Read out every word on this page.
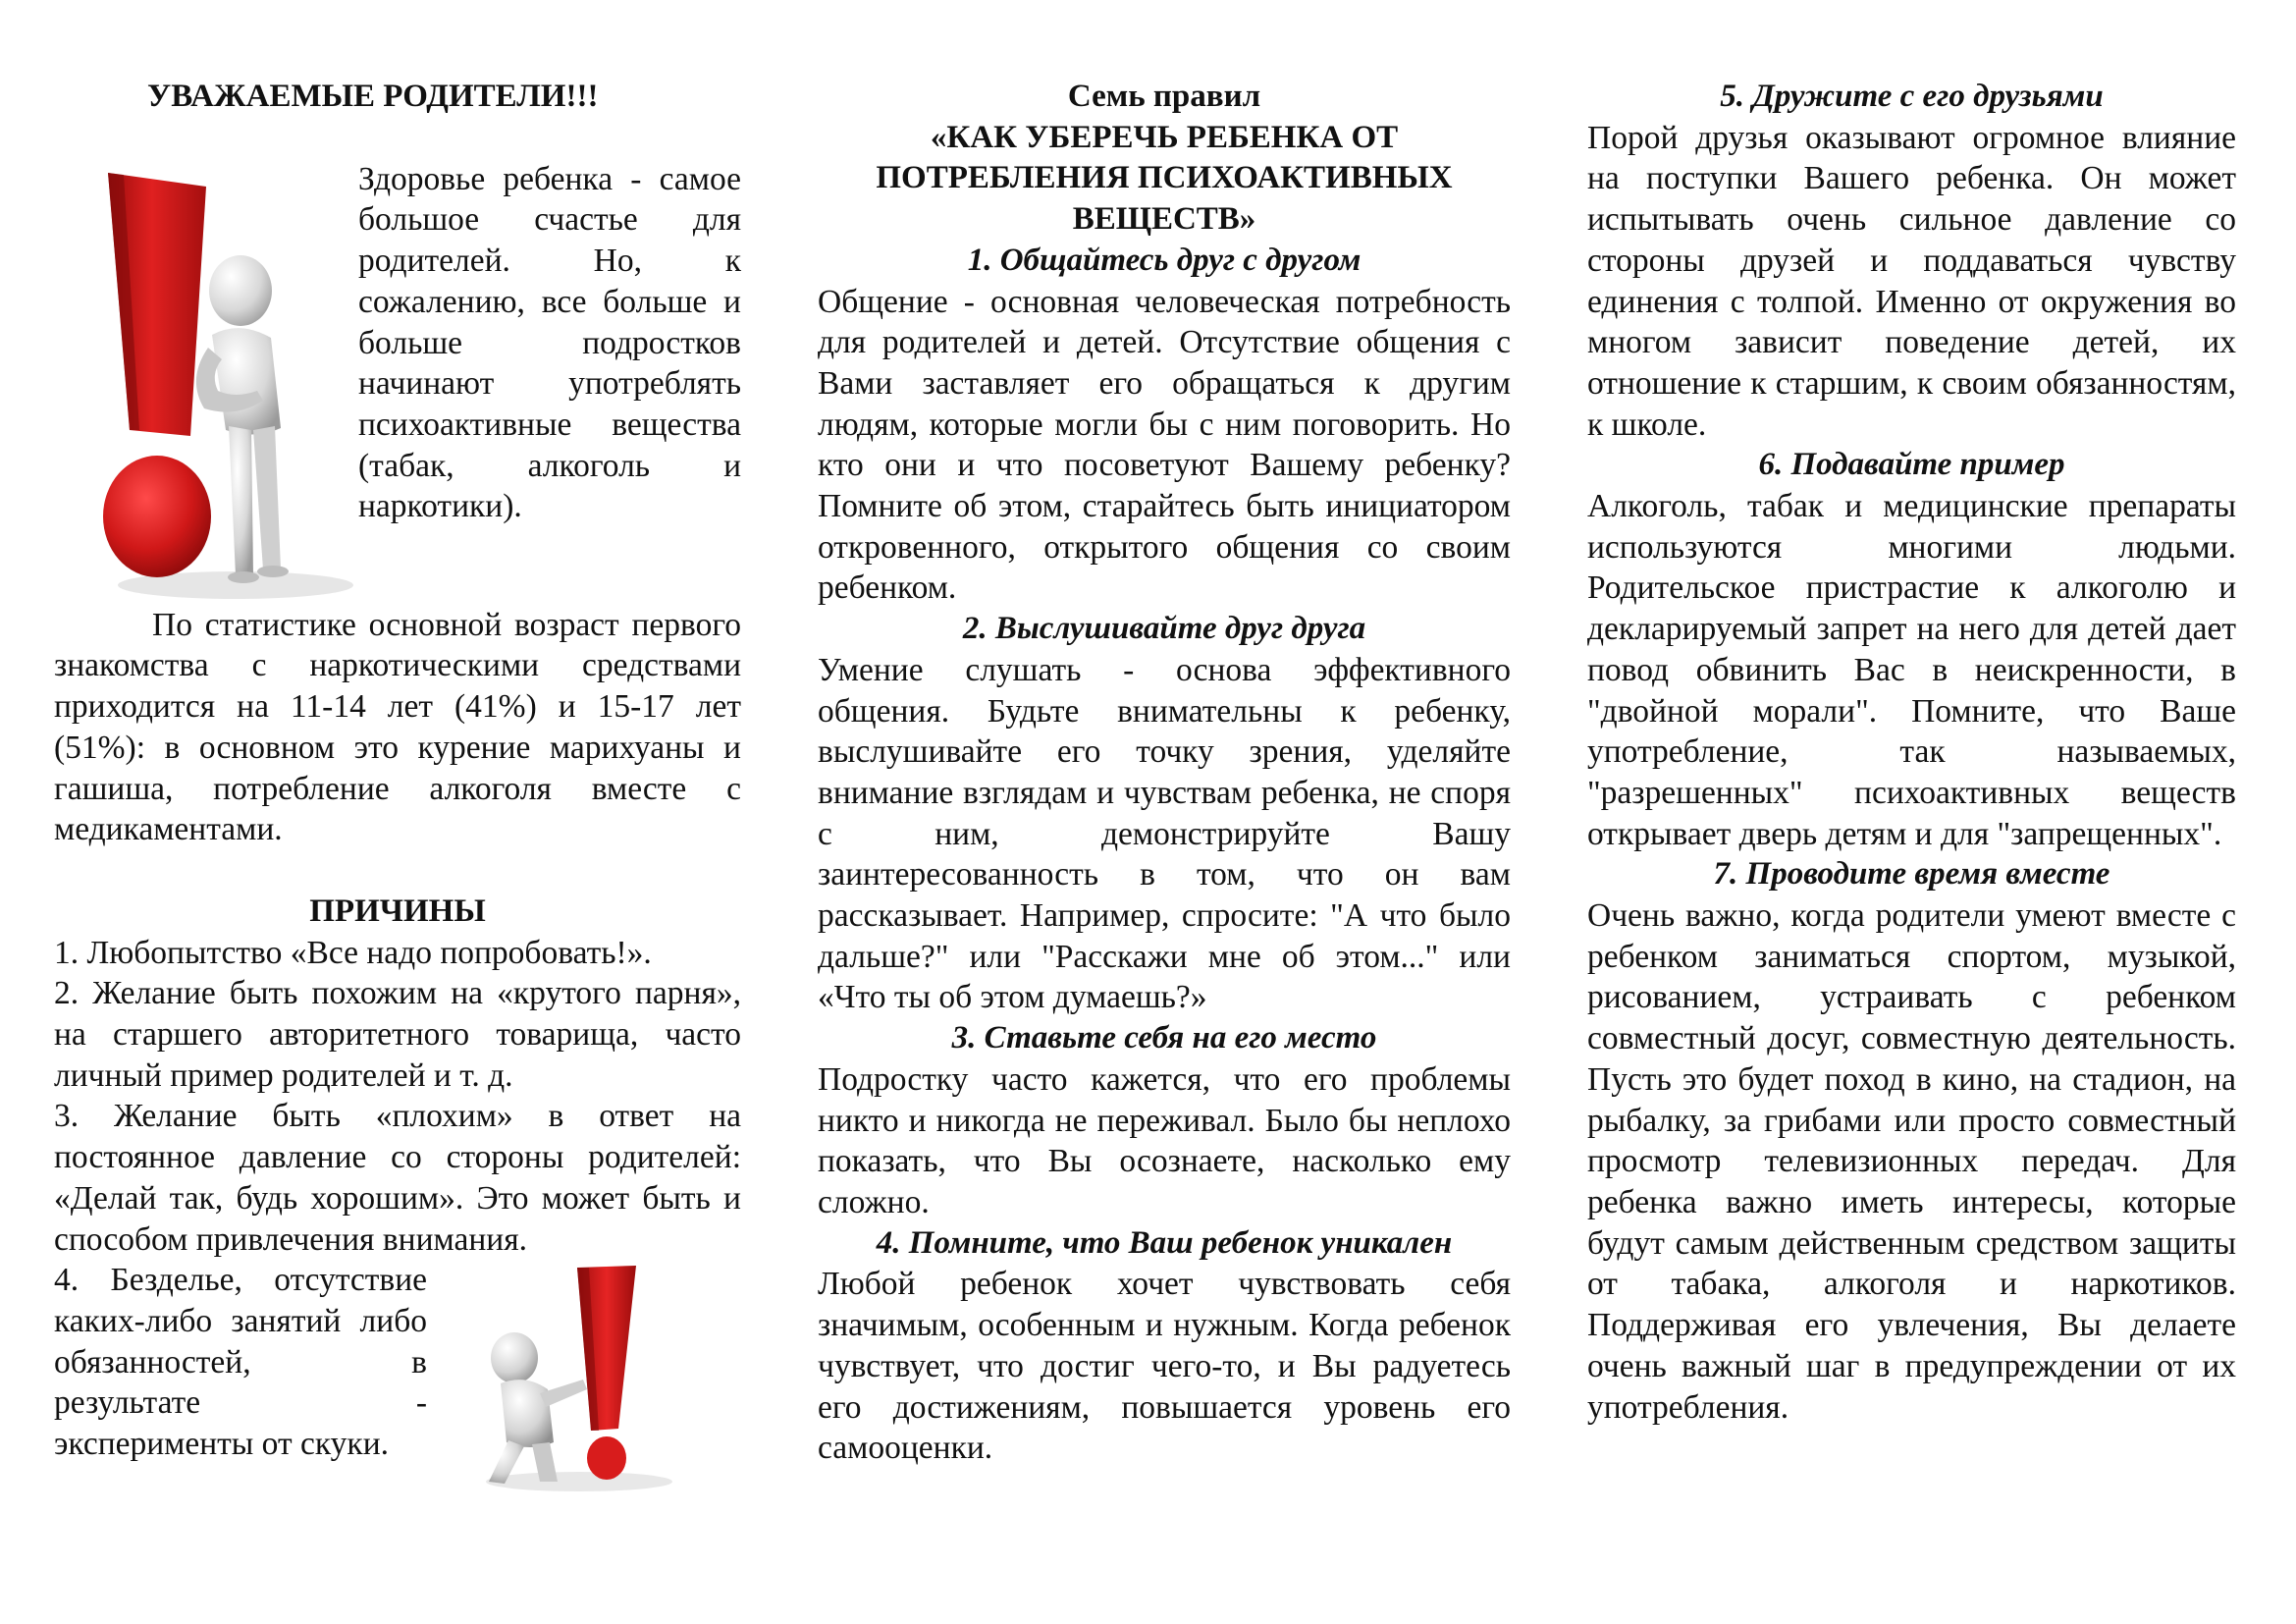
УВАЖАЕМЫЕ РОДИТЕЛИ!!!

Здоровье ребенка - самое большое счастье для родителей. Но, к сожалению, все больше и больше подростков начинают употреблять психоактивные вещества (табак, алкоголь и наркотики).

По статистике основной возраст первого знакомства с наркотическими средствами приходится на 11-14 лет (41%) и 15-17 лет (51%): в основном это курение марихуаны и гашиша, потребление алкоголя вместе с медикаментами.

ПРИЧИНЫ

1. Любопытство «Все надо попробовать!».

2. Желание быть похожим на «крутого парня», на старшего авторитетного товарища, часто личный пример родителей и т. д.

3. Желание быть «плохим» в ответ на постоянное давление со стороны родителей: «Делай так, будь хорошим». Это может быть и способом привлечения внимания.

4. Безделье, отсутствие каких-либо занятий либо обязанностей, в результате - эксперименты от скуки.

Семь правил

«КАК УБЕРЕЧЬ РЕБЕНКА ОТ ПОТРЕБЛЕНИЯ ПСИХОАКТИВНЫХ ВЕЩЕСТВ»

1. Общайтесь друг с другом

Общение - основная человеческая потребность для родителей и детей. Отсутствие общения с Вами заставляет его обращаться к другим людям, которые могли бы с ним поговорить. Но кто они и что посоветуют Вашему ребенку? Помните об этом, старайтесь быть инициатором откровенного, открытого общения со своим ребенком.

2. Выслушивайте друг друга

Умение слушать - основа эффективного общения. Будьте внимательны к ребенку, выслушивайте его точку зрения, уделяйте внимание взглядам и чувствам ребенка, не споря с ним, демонстрируйте Вашу заинтересованность в том, что он вам рассказывает. Например, спросите: "А что было дальше?" или "Расскажи мне об этом..." или «Что ты об этом думаешь?»

3. Ставьте себя на его место

Подростку часто кажется, что его проблемы никто и никогда не переживал. Было бы неплохо показать, что Вы осознаете, насколько ему сложно.

4. Помните, что Ваш ребенок уникален

Любой ребенок хочет чувствовать себя значимым, особенным и нужным. Когда ребенок чувствует, что достиг чего-то, и Вы радуетесь его достижениям, повышается уровень его самооценки.

5. Дружите с его друзьями

Порой друзья оказывают огромное влияние на поступки Вашего ребенка. Он может испытывать очень сильное давление со стороны друзей и поддаваться чувству единения с толпой. Именно от окружения во многом зависит поведение детей, их отношение к старшим, к своим обязанностям, к школе.

6. Подавайте пример

Алкоголь, табак и медицинские препараты используются многими людьми. Родительское пристрастие к алкоголю и декларируемый запрет на него для детей дает повод обвинить Вас в неискренности, в "двойной морали". Помните, что Ваше употребление, так называемых, "разрешенных" психоактивных веществ открывает дверь детям и для "запрещенных".

7. Проводите время вместе

Очень важно, когда родители умеют вместе с ребенком заниматься спортом, музыкой, рисованием, устраивать с ребенком совместный досуг, совместную деятельность. Пусть это будет поход в кино, на стадион, на рыбалку, за грибами или просто совместный просмотр телевизионных передач. Для ребенка важно иметь интересы, которые будут самым действенным средством защиты от табака, алкоголя и наркотиков. Поддерживая его увлечения, Вы делаете очень важный шаг в предупреждении от их употребления.
